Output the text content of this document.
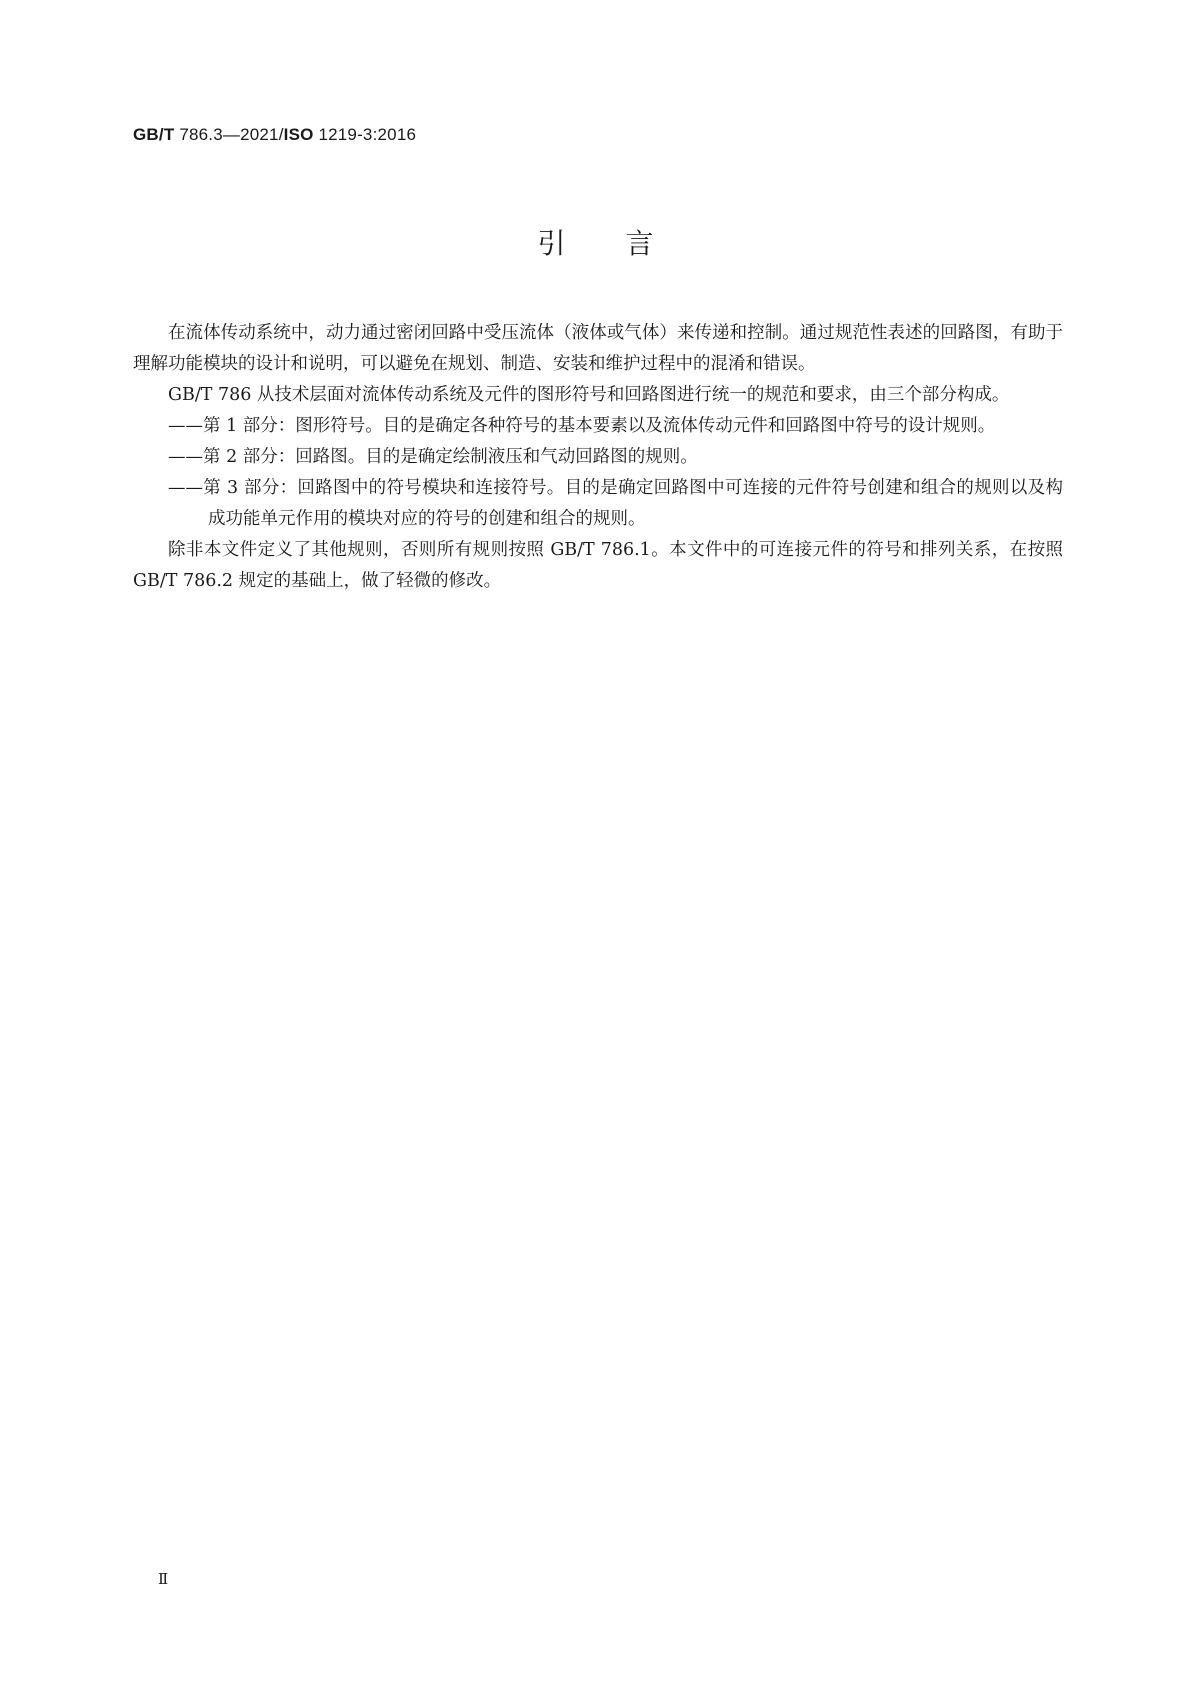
GB/T 786.3—2021/ISO 1219-3:2016
引言

在流体传动系统中，动力通过密闭回路中受压流体（液体或气体）来传递和控制。通过规范性表述的回路图，有助于理解功能模块的设计和说明，可以避免在规划、制造、安装和维护过程中的混淆和错误。

GB/T 786 从技术层面对流体传动系统及元件的图形符号和回路图进行统一的规范和要求，由三个部分构成。

——第 1 部分：图形符号。目的是确定各种符号的基本要素以及流体传动元件和回路图中符号的设计规则。

——第 2 部分：回路图。目的是确定绘制液压和气动回路图的规则。

——第 3 部分：回路图中的符号模块和连接符号。目的是确定回路图中可连接的元件符号创建和组合的规则以及构成功能单元作用的模块对应的符号的创建和组合的规则。

除非本文件定义了其他规则，否则所有规则按照 GB/T 786.1。本文件中的可连接元件的符号和排列关系，在按照 GB/T 786.2 规定的基础上，做了轻微的修改。

Ⅱ
